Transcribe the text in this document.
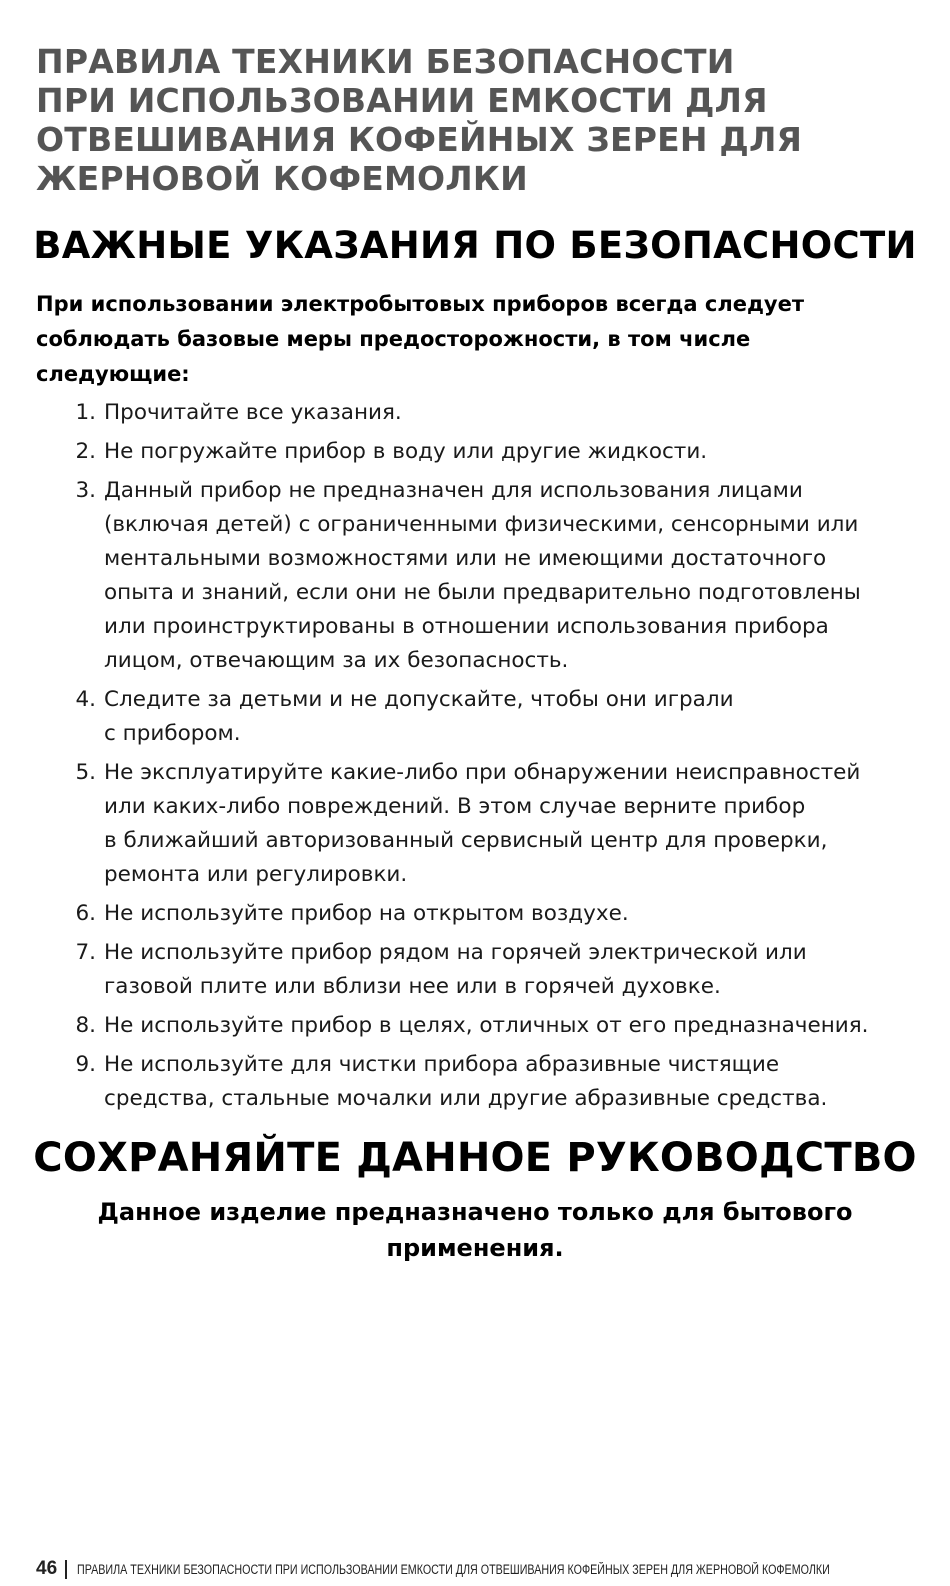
ПРАВИЛА ТЕХНИКИ БЕЗОПАСНОСТИ
ПРИ ИСПОЛЬЗОВАНИИ ЕМКОСТИ ДЛЯ
ОТВЕШИВАНИЯ КОФЕЙНЫХ ЗЕРЕН ДЛЯ
ЖЕРНОВОЙ КОФЕМОЛКИ
ВАЖНЫЕ УКАЗАНИЯ ПО БЕЗОПАСНОСТИ

При использовании электробытовых приборов всегда следует
соблюдать базовые меры предосторожности, в том числе
следующие:

1. Прочитайте все указания.
2. Не погружайте прибор в воду или другие жидкости.
3. Данный прибор не предназначен для использования лицами
(включая детей) с ограниченными физическими, сенсорными или
ментальными возможностями или не имеющими достаточного
опыта и знаний, если они не были предварительно подготовлены
или проинструктированы в отношении использования прибора
лицом, отвечающим за их безопасность.
4. Следите за детьми и не допускайте, чтобы они играли
с прибором.
5. Не эксплуатируйте какие-либо при обнаружении неисправностей
или каких-либо повреждений. В этом случае верните прибор
в ближайший авторизованный сервисный центр для проверки,
ремонта или регулировки.
6. Не используйте прибор на открытом воздухе.
7. Не используйте прибор рядом на горячей электрической или
газовой плите или вблизи нее или в горячей духовке.
8. Не используйте прибор в целях, отличных от его предназначения.
9. Не используйте для чистки прибора абразивные чистящие
средства, стальные мочалки или другие абразивные средства.
СОХРАНЯЙТЕ ДАННОЕ РУКОВОДСТВО

Данное изделие предназначено только для бытового
применения.

46 ПРАВИЛА ТЕХНИКИ БЕЗОПАСНОСТИ ПРИ ИСПОЛЬЗОВАНИИ ЕМКОСТИ ДЛЯ ОТВЕШИВАНИЯ КОФЕЙНЫХ ЗЕРЕН ДЛЯ ЖЕРНОВОЙ КОФЕМОЛКИ
